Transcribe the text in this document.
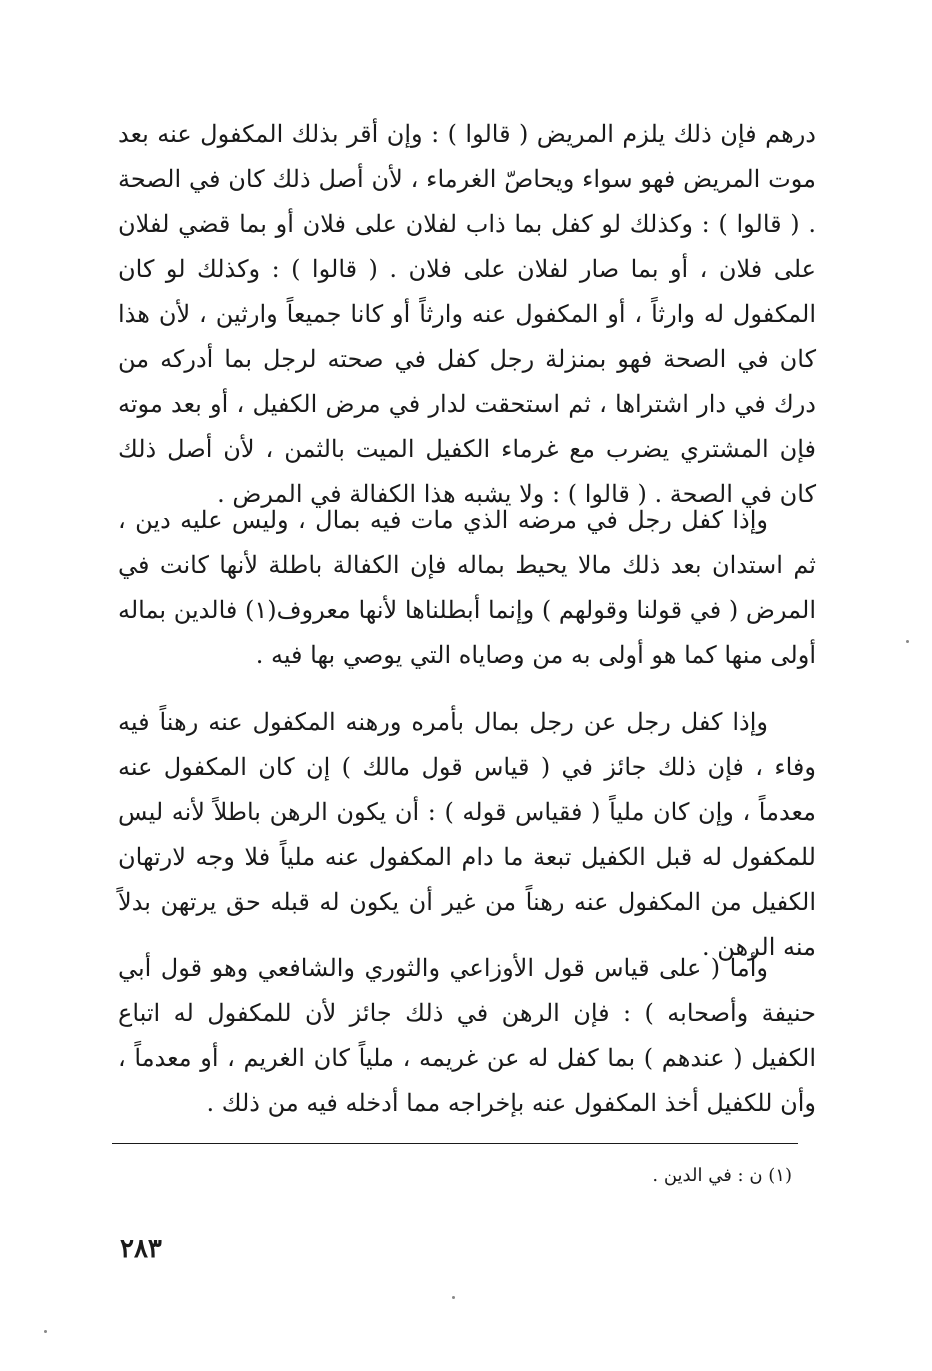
درهم فإن ذلك يلزم المريض ( قالوا ) : وإن أقر بذلك المكفول عنه بعد موت المريض فهو سواء ويحاصّ الغرماء ، لأن أصل ذلك كان في الصحة . ( قالوا ) : وكذلك لو كفل بما ذاب لفلان على فلان أو بما قضي لفلان على فلان ، أو بما صار لفلان على فلان . ( قالوا ) : وكذلك لو كان المكفول له وارثاً ، أو المكفول عنه وارثاً أو كانا جميعاً وارثين ، لأن هذا كان في الصحة فهو بمنزلة رجل كفل في صحته لرجل بما أدركه من درك في دار اشتراها ، ثم استحقت لدار في مرض الكفيل ، أو بعد موته فإن المشتري يضرب مع غرماء الكفيل الميت بالثمن ، لأن أصل ذلك كان في الصحة . ( قالوا ) : ولا يشبه هذا الكفالة في المرض .

وإذا كفل رجل في مرضه الذي مات فيه بمال ، وليس عليه دين ، ثم استدان بعد ذلك مالا يحيط بماله فإن الكفالة باطلة لأنها كانت في المرض ( في قولنا وقولهم ) وإنما أبطلناها لأنها معروف(١) فالدين بماله أولى منها كما هو أولى به من وصاياه التي يوصي بها فيه .

وإذا كفل رجل عن رجل بمال بأمره ورهنه المكفول عنه رهناً فيه وفاء ، فإن ذلك جائز في ( قياس قول مالك ) إن كان المكفول عنه معدماً ، وإن كان ملياً ( فقياس قوله ) : أن يكون الرهن باطلاً لأنه ليس للمكفول له قبل الكفيل تبعة ما دام المكفول عنه ملياً فلا وجه لارتهان الكفيل من المكفول عنه رهناً من غير أن يكون له قبله حق يرتهن بدلاً منه الرهن .

وأما ( على قياس قول الأوزاعي والثوري والشافعي وهو قول أبي حنيفة وأصحابه ) : فإن الرهن في ذلك جائز لأن للمكفول له اتباع الكفيل ( عندهم ) بما كفل له عن غريمه ، ملياً كان الغريم ، أو معدماً ، وأن للكفيل أخذ المكفول عنه بإخراجه مما أدخله فيه من ذلك .

(١) ن : في الدين .
٢٨٣
